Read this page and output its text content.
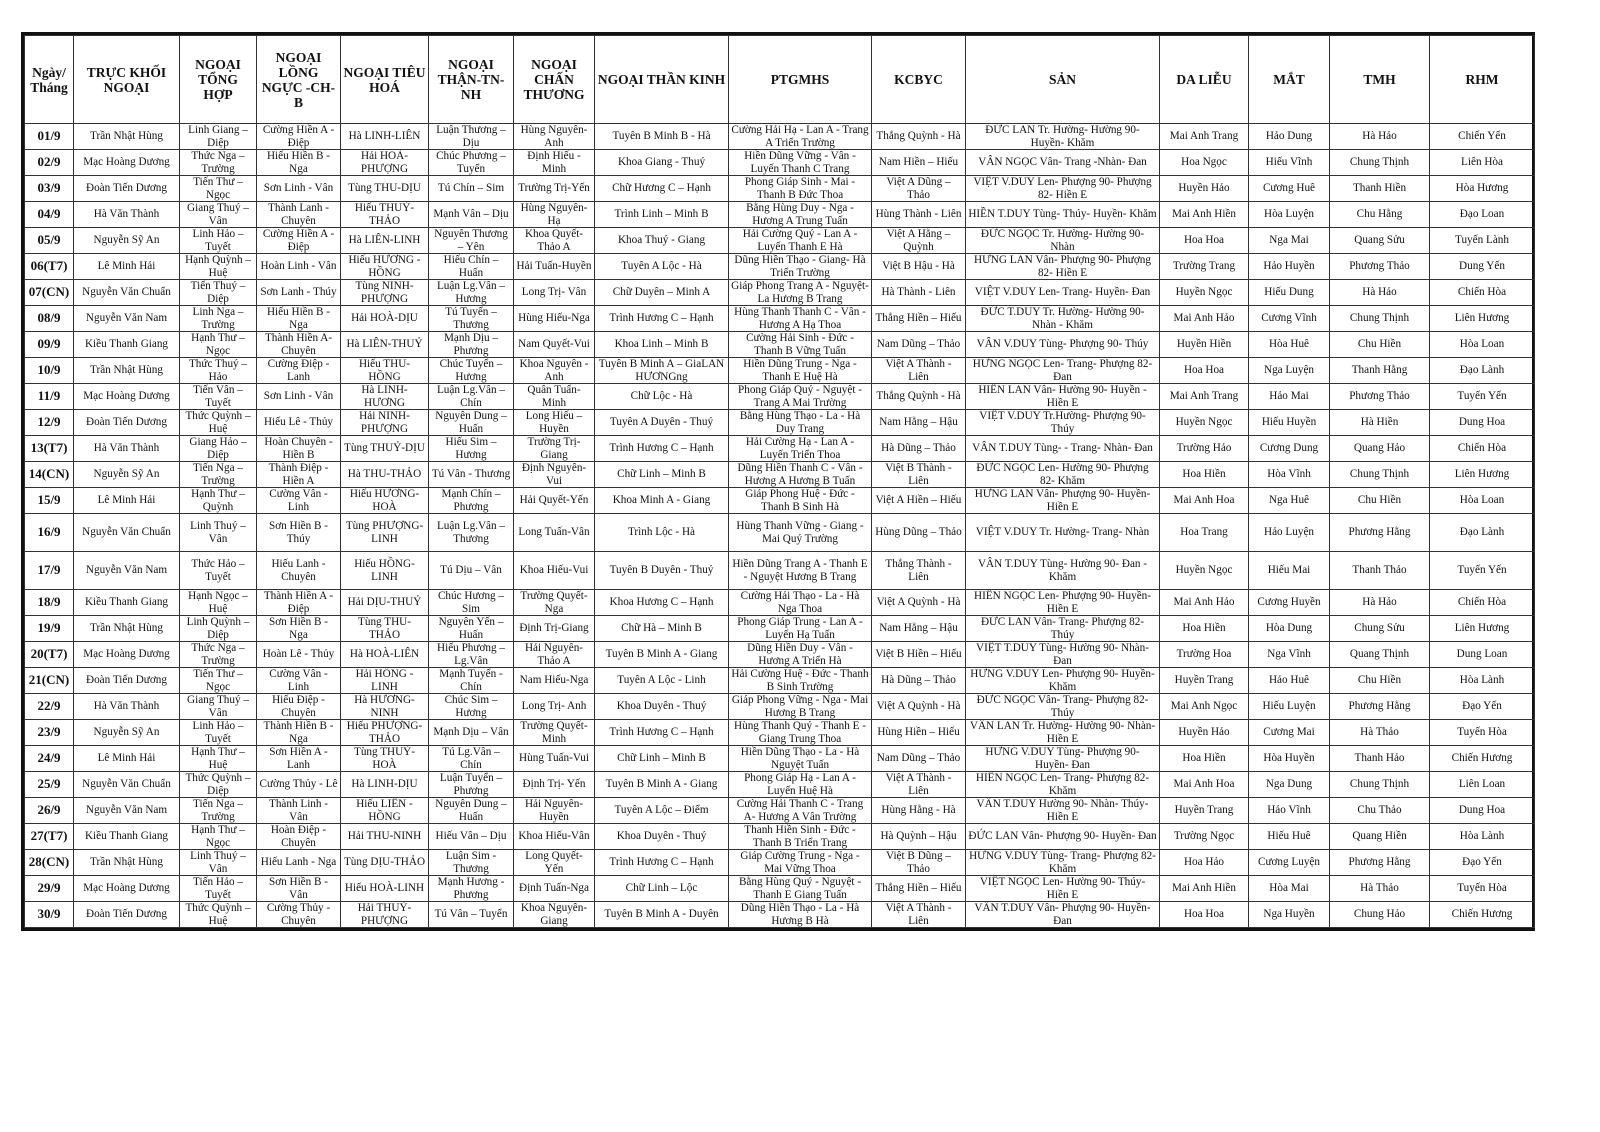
Ngày/ Tháng	TRỰC KHỐI NGOẠI	NGOẠI TỔNG HỢP	NGOẠI LỒNG NGỰC -CH-B	NGOẠI TIÊU HOÁ	NGOẠI THẬN-TN-NH	NGOẠI CHẤN THƯƠNG	NGOẠI THẦN KINH	PTGMHS	KCBYC	SẢN	DA LIỄU	MẮT	TMH	RHM
01/9	Trần Nhật Hùng	Linh Giang – Diệp	Cường Hiền A - Điệp	Hà LINH-LIÊN	Luận Thương – Dịu	Hùng Nguyên-Anh	Tuyên B Minh B - Hà	Cường Hải Hạ - Lan A - Trang A Triển Trường	Thắng Quỳnh - Hà	ĐỨC LAN Tr. Hường- Hường 90- Huyền- Khăm	Mai Anh Trang	Hảo Dung	Hà Hảo	Chiến Yến
02/9	Mạc Hoàng Dương	Thức Nga – Trường	Hiếu Hiền B - Nga	Hải HOÀ-PHƯỢNG	Chúc Phương – Tuyển	Định Hiếu - Minh	Khoa Giang - Thuý	Hiền Dũng Vững - Vân - Luyến Thanh C Trang	Nam Hiền – Hiếu	VÂN NGỌC Vân- Trang -Nhàn- Đan	Hoa Ngọc	Hiếu Vĩnh	Chung Thịnh	Liên Hòa
03/9	Đoàn Tiến Dương	Tiến Thư – Ngọc	Sơn Linh - Vân	Tùng THU-DỊU	Tú Chín – Sim	Trường Trị-Yến	Chữ Hương C – Hạnh	Phong Giáp Sinh - Mai - Thanh B Đức Thoa	Việt A Dũng – Thảo	VIỆT V.DUY Len- Phượng 90- Phượng 82- Hiền E	Huyền Hảo	Cương Huê	Thanh Hiền	Hòa Hương
04/9	Hà Văn Thành	Giang Thuý – Vân	Thành Lanh - Chuyên	Hiếu THUỶ-THẢO	Mạnh Vân – Dịu	Hùng Nguyên-Hạ	Trình Linh – Minh B	Bằng Hùng Duy - Nga - Hương A Trung Tuấn	Hùng Thành - Liên	HIỀN T.DUY Tùng- Thúy- Huyền- Khăm	Mai Anh Hiền	Hòa Luyện	Chu Hằng	Đạo Loan
05/9	Nguyễn Sỹ An	Linh Hảo – Tuyết	Cường Hiền A - Điệp	Hà LIÊN-LINH	Nguyên Thương – Yên	Khoa Quyết-Thảo A	Khoa Thuý - Giang	Hải Cường Quý - Lan A - Luyến Thanh E Hà	Việt A Hằng – Quỳnh	ĐỨC NGỌC Tr. Hường- Hường 90- Nhàn	Hoa Hoa	Nga Mai	Quang Sửu	Tuyến Lành
06(T7)	Lê Minh Hải	Hạnh Quỳnh – Huệ	Hoàn Linh - Vân	Hiếu HƯƠNG - HỒNG	Hiếu Chín – Huấn	Hải Tuấn-Huyền	Tuyên A Lộc - Hà	Dũng Hiền Thạo - Giang- Hà Triển Trường	Việt B Hậu - Hà	HƯNG LAN Vân- Phượng 90- Phượng 82- Hiền E	Trường Trang	Hảo Huyền	Phương Thảo	Dung Yến
07(CN)	Nguyễn Văn Chuẩn	Tiến Thuý – Diệp	Sơn Lanh - Thúy	Tùng NINH-PHƯỢNG	Luận Lg.Vân – Hương	Long Trị- Vân	Chữ Duyên – Minh A	Giáp Phong Trang A - Nguyệt- La Hương B Trang	Hà Thành - Liên	VIỆT V.DUY Len- Trang- Huyền- Đan	Huyền Ngọc	Hiếu Dung	Hà Hảo	Chiến Hòa
08/9	Nguyễn Văn Nam	Linh Nga – Trường	Hiếu Hiền B - Nga	Hải HOÀ-DỊU	Tú Tuyển – Thương	Hùng Hiếu-Nga	Trình Hương C – Hạnh	Hùng Thanh Thanh C - Vân - Hương A Hạ Thoa	Thắng Hiền – Hiếu	ĐỨC T.DUY Tr. Hường- Hường 90- Nhàn - Khăm	Mai Anh Hảo	Cương Vĩnh	Chung Thịnh	Liên Hương
09/9	Kiều Thanh Giang	Hạnh Thư – Ngọc	Thành Hiền A-Chuyên	Hà LIÊN-THUỶ	Mạnh Dịu – Phương	Nam Quyết-Vui	Khoa Linh – Minh B	Cường Hải Sinh - Đức - Thanh B Vững Tuấn	Nam Dũng – Thảo	VÂN V.DUY Tùng- Phượng 90- Thúy	Huyền Hiền	Hòa Huê	Chu Hiền	Hòa Loan
10/9	Trần Nhật Hùng	Thức Thuý – Hảo	Cường Điệp - Lanh	Hiếu THU-HỒNG	Chúc Tuyển – Hương	Khoa Nguyên - Anh	Tuyên B Minh A – GiaLAN HƯƠNGng	Hiền Dũng Trung - Nga - Thanh E Huệ Hà	Việt A Thành - Liên	HƯNG NGỌC Len- Trang- Phượng 82- Đan	Hoa Hoa	Nga Luyện	Thanh Hằng	Đạo Lành
11/9	Mạc Hoàng Dương	Tiến Vân – Tuyết	Sơn Linh - Vân	Hà LINH-HƯƠNG	Luận Lg.Vân – Chín	Quân Tuấn-Minh	Chữ Lộc - Hà	Phong Giáp Quý - Nguyệt - Trang A Mai Trường	Thắng Quỳnh - Hà	HIỀN LAN Vân- Hường 90- Huyền - Hiền E	Mai Anh Trang	Hảo Mai	Phương Thảo	Tuyến Yến
12/9	Đoàn Tiến Dương	Thức Quỳnh – Huệ	Hiếu Lê - Thủy	Hải NINH-PHƯỢNG	Nguyên Dung – Huấn	Long Hiếu – Huyền	Tuyên A Duyên - Thuý	Bằng Hùng Thạo - La - Hà Duy Trang	Nam Hằng – Hậu	VIỆT V.DUY Tr.Hường- Phượng 90- Thúy	Huyền Ngọc	Hiếu Huyền	Hà Hiền	Dung Hoa
13(T7)	Hà Văn Thành	Giang Hảo – Diệp	Hoàn Chuyên - Hiền B	Tùng THUỶ-DỊU	Hiếu Sim – Hương	Trường Trị-Giang	Trình Hương C – Hạnh	Hải Cường Hạ - Lan A - Luyến Triển Thoa	Hà Dũng – Thảo	VÂN T.DUY Tùng- - Trang- Nhàn- Đan	Trường Hảo	Cương Dung	Quang Hảo	Chiến Hòa
14(CN)	Nguyễn Sỹ An	Tiến Nga – Trường	Thành Điệp - Hiền A	Hà THU-THẢO	Tú Vân - Thương	Định Nguyên-Vui	Chữ Linh – Minh B	Dũng Hiền Thanh C - Vân - Hương A Hương B Tuấn	Việt B Thành - Liên	ĐỨC NGỌC Len- Hường 90- Phượng 82- Khăm	Hoa Hiền	Hòa Vĩnh	Chung Thịnh	Liên Hương
15/9	Lê Minh Hải	Hạnh Thư – Quỳnh	Cường Vân - Linh	Hiếu HƯƠNG-HOÀ	Mạnh Chín – Phương	Hải Quyết-Yến	Khoa Minh A - Giang	Giáp Phong Huệ - Đức - Thanh B Sinh Hà	Việt A Hiền – Hiếu	HƯNG LAN Vân- Phượng 90- Huyền- Hiền E	Mai Anh Hoa	Nga Huê	Chu Hiền	Hòa Loan
16/9	Nguyễn Văn Chuẩn	Linh Thuý – Vân	Sơn Hiền B - Thúy	Tùng PHƯỢNG-LINH	Luận Lg.Vân – Thương	Long Tuấn-Vân	Trình Lộc - Hà	Hùng Thanh Vững - Giang - Mai Quý Trường	Hùng Dũng – Thảo	VIỆT V.DUY Tr. Hường- Trang- Nhàn	Hoa Trang	Hảo Luyện	Phương Hằng	Đạo Lành
17/9	Nguyễn Văn Nam	Thức Hảo – Tuyết	Hiếu Lanh - Chuyên	Hiếu HỒNG-LINH	Tú Dịu – Vân	Khoa Hiếu-Vui	Tuyên B Duyên - Thuý	Hiền Dũng Trang A - Thanh E - Nguyệt Hương B Trang	Thắng Thành - Liên	VÂN T.DUY Tùng- Hường 90- Đan - Khăm	Huyền Ngọc	Hiếu Mai	Thanh Thảo	Tuyến Yến
18/9	Kiều Thanh Giang	Hạnh Ngọc – Huệ	Thành Hiền A - Điệp	Hải DỊU-THUỶ	Chúc Hương – Sim	Trường Quyết-Nga	Khoa Hương C – Hạnh	Cường Hải Thạo - La - Hà Nga Thoa	Việt A Quỳnh - Hà	HIỀN NGỌC Len- Phượng 90- Huyền- Hiền E	Mai Anh Hảo	Cương Huyền	Hà Hảo	Chiến Hòa
19/9	Trần Nhật Hùng	Linh Quỳnh – Diệp	Sơn Hiền B - Nga	Tùng THU-THẢO	Nguyên Yến – Huấn	Định Trị-Giang	Chữ Hà – Minh B	Phong Giáp Trung - Lan A - Luyến Hạ Tuấn	Nam Hằng – Hậu	ĐỨC LAN Vân- Trang- Phượng 82- Thúy	Hoa Hiền	Hòa Dung	Chung Sửu	Liên Hương
20(T7)	Mạc Hoàng Dương	Thức Nga – Trường	Hoàn Lê - Thủy	Hà HOÀ-LIÊN	Hiếu Phương – Lg.Vân	Hải Nguyên-Thảo A	Tuyên B Minh A - Giang	Dũng Hiền Duy - Vân - Hương A Triển Hà	Việt B Hiền – Hiếu	VIỆT T.DUY Tùng- Hường 90- Nhàn- Đan	Trường Hoa	Nga Vĩnh	Quang Thịnh	Dung Loan
21(CN)	Đoàn Tiến Dương	Tiến Thư – Ngọc	Cường Vân - Linh	Hải HỒNG - LINH	Mạnh Tuyển - Chín	Nam Hiếu-Nga	Tuyên A Lộc - Linh	Hải Cường Huệ - Đức - Thanh B Sinh Trường	Hà Dũng – Thảo	HƯNG V.DUY Len- Phượng 90- Huyền- Khăm	Huyền Trang	Hảo Huê	Chu Hiền	Hòa Lành
22/9	Hà Văn Thành	Giang Thuý – Vân	Hiếu Điệp - Chuyên	Hà HƯƠNG-NINH	Chúc Sim – Hương	Long Trị- Anh	Khoa Duyên - Thuý	Giáp Phong Vững - Nga - Mai Hương B Trang	Việt A Quỳnh - Hà	ĐỨC NGỌC Vân- Trang- Phượng 82- Thúy	Mai Anh Ngọc	Hiếu Luyện	Phương Hằng	Đạo Yến
23/9	Nguyễn Sỹ An	Linh Hảo – Tuyết	Thành Hiền B - Nga	Hiếu PHƯỢNG-THẢO	Mạnh Dịu – Vân	Trường Quyết-Minh	Trình Hương C – Hạnh	Hùng Thanh Quý - Thanh E - Giang Trung Thoa	Hùng Hiền – Hiếu	VÂN LAN Tr. Hường- Hường 90- Nhàn- Hiền E	Huyền Hảo	Cương Mai	Hà Thảo	Tuyến Hòa
24/9	Lê Minh Hải	Hạnh Thư – Huệ	Sơn Hiền A - Lanh	Tùng THUỶ-HOÀ	Tú Lg.Vân – Chín	Hùng Tuấn-Vui	Chữ Linh – Minh B	Hiền Dũng Thạo - La - Hà Nguyệt Tuấn	Nam Dũng – Thảo	HƯNG V.DUY Tùng- Phượng 90- Huyền- Đan	Hoa Hiền	Hòa Huyền	Thanh Hảo	Chiến Hương
25/9	Nguyễn Văn Chuẩn	Thức Quỳnh – Diệp	Cường Thủy - Lê	Hà LINH-DỊU	Luận Tuyển – Phương	Định Trị- Yến	Tuyên B Minh A - Giang	Phong Giáp Hạ - Lan A - Luyến Huệ Hà	Việt A Thành - Liên	HIỀN NGỌC Len- Trang- Phượng 82- Khăm	Mai Anh Hoa	Nga Dung	Chung Thịnh	Liên Loan
26/9	Nguyễn Văn Nam	Tiến Nga – Trường	Thành Linh - Vân	Hiếu LIÊN - HỒNG	Nguyên Dung – Huấn	Hải Nguyên-Huyền	Tuyên A Lộc – Điểm	Cường Hải Thanh C - Trang A- Hương A Vân Trường	Hùng Hằng - Hà	VÂN T.DUY Hường 90- Nhàn- Thúy- Hiền E	Huyền Trang	Hảo Vĩnh	Chu Thảo	Dung Hoa
27(T7)	Kiều Thanh Giang	Hạnh Thư – Ngọc	Hoàn Điệp - Chuyên	Hải THU-NINH	Hiếu Vân – Dịu	Khoa Hiếu-Vân	Khoa Duyên - Thuý	Thanh Hiền Sinh - Đức - Thanh B Triển Trang	Hà Quỳnh – Hậu	ĐỨC LAN Vân- Phượng 90- Huyền- Đan	Trường Ngọc	Hiếu Huê	Quang Hiền	Hòa Lành
28(CN)	Trần Nhật Hùng	Linh Thuý – Vân	Hiếu Lanh - Nga	Tùng DỊU-THẢO	Luận Sim - Thương	Long Quyết-Yến	Trình Hương C – Hạnh	Giáp Cường Trung - Nga - Mai Vững Thoa	Việt B Dũng – Thảo	HƯNG V.DUY Tùng- Trang- Phượng 82- Khăm	Hoa Hảo	Cương Luyện	Phương Hằng	Đạo Yến
29/9	Mạc Hoàng Dương	Tiến Hảo – Tuyết	Sơn Hiền B - Vân	Hiếu HOÀ-LINH	Mạnh Hương - Phương	Định Tuấn-Nga	Chữ Linh – Lộc	Bằng Hùng Quý - Nguyệt - Thanh E Giang Tuấn	Thắng Hiền – Hiếu	VIỆT NGỌC Len- Hường 90- Thúy- Hiền E	Mai Anh Hiền	Hòa Mai	Hà Thảo	Tuyến Hòa
30/9	Đoàn Tiến Dương	Thức Quỳnh – Huệ	Cường Thủy - Chuyên	Hải THUỶ-PHƯỢNG	Tú Vân – Tuyển	Khoa Nguyên-Giang	Tuyên B Minh A - Duyên	Dũng Hiền Thạo - La - Hà Hương B Hà	Việt A Thành - Liên	VÂN T.DUY Vân- Phượng 90- Huyền- Đan	Hoa Hoa	Nga Huyền	Chung Hảo	Chiến Hương
